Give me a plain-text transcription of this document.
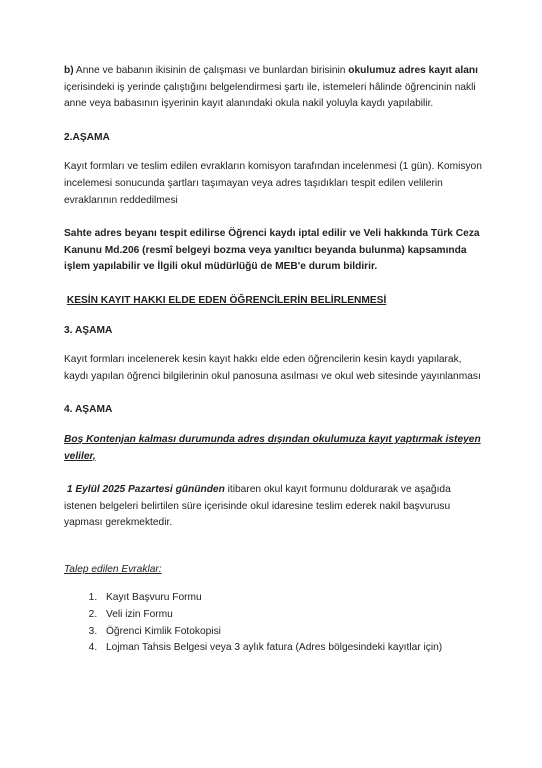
b) Anne ve babanın ikisinin de çalışması ve bunlardan birisinin okulumuz adres kayıt alanı içerisindeki iş yerinde çalıştığını belgelendirmesi şartı ile, istemeleri hâlinde öğrencinin nakli anne veya babasının işyerinin kayıt alanındaki okula nakil yoluyla kaydı yapılabilir.

2.AŞAMA

Kayıt formları ve teslim edilen evrakların komisyon tarafından incelenmesi (1 gün). Komisyon incelemesi sonucunda şartları taşımayan veya adres taşıdıkları tespit edilen velilerin evraklarının reddedilmesi

Sahte adres beyanı tespit edilirse Öğrenci kaydı iptal edilir ve Veli hakkında Türk Ceza Kanunu Md.206 (resmî belgeyi bozma veya yanıltıcı beyanda bulunma) kapsamında işlem yapılabilir ve İlgili okul müdürlüğü de MEB'e durum bildirir.

KESİN KAYIT HAKKI ELDE EDEN ÖĞRENCİLERİN BELİRLENMESİ

3. AŞAMA

Kayıt formları incelenerek kesin kayıt hakkı elde eden öğrencilerin kesin kaydı yapılarak, kaydı yapılan öğrenci bilgilerinin okul panosuna asılması ve okul web sitesinde yayınlanması

4. AŞAMA

Boş Kontenjan kalması durumunda adres dışından okulumuza kayıt yaptırmak isteyen veliler,

1 Eylül 2025 Pazartesi gününden itibaren okul kayıt formunu doldurarak ve aşağıda istenen belgeleri belirtilen süre içerisinde okul idaresine teslim ederek nakil başvurusu yapması gerekmektedir.

Talep edilen Evraklar:

1. Kayıt Başvuru Formu
2. Veli izin Formu
3. Öğrenci Kimlik Fotokopisi
4. Lojman Tahsis Belgesi veya 3 aylık fatura (Adres bölgesindeki kayıtlar için)
